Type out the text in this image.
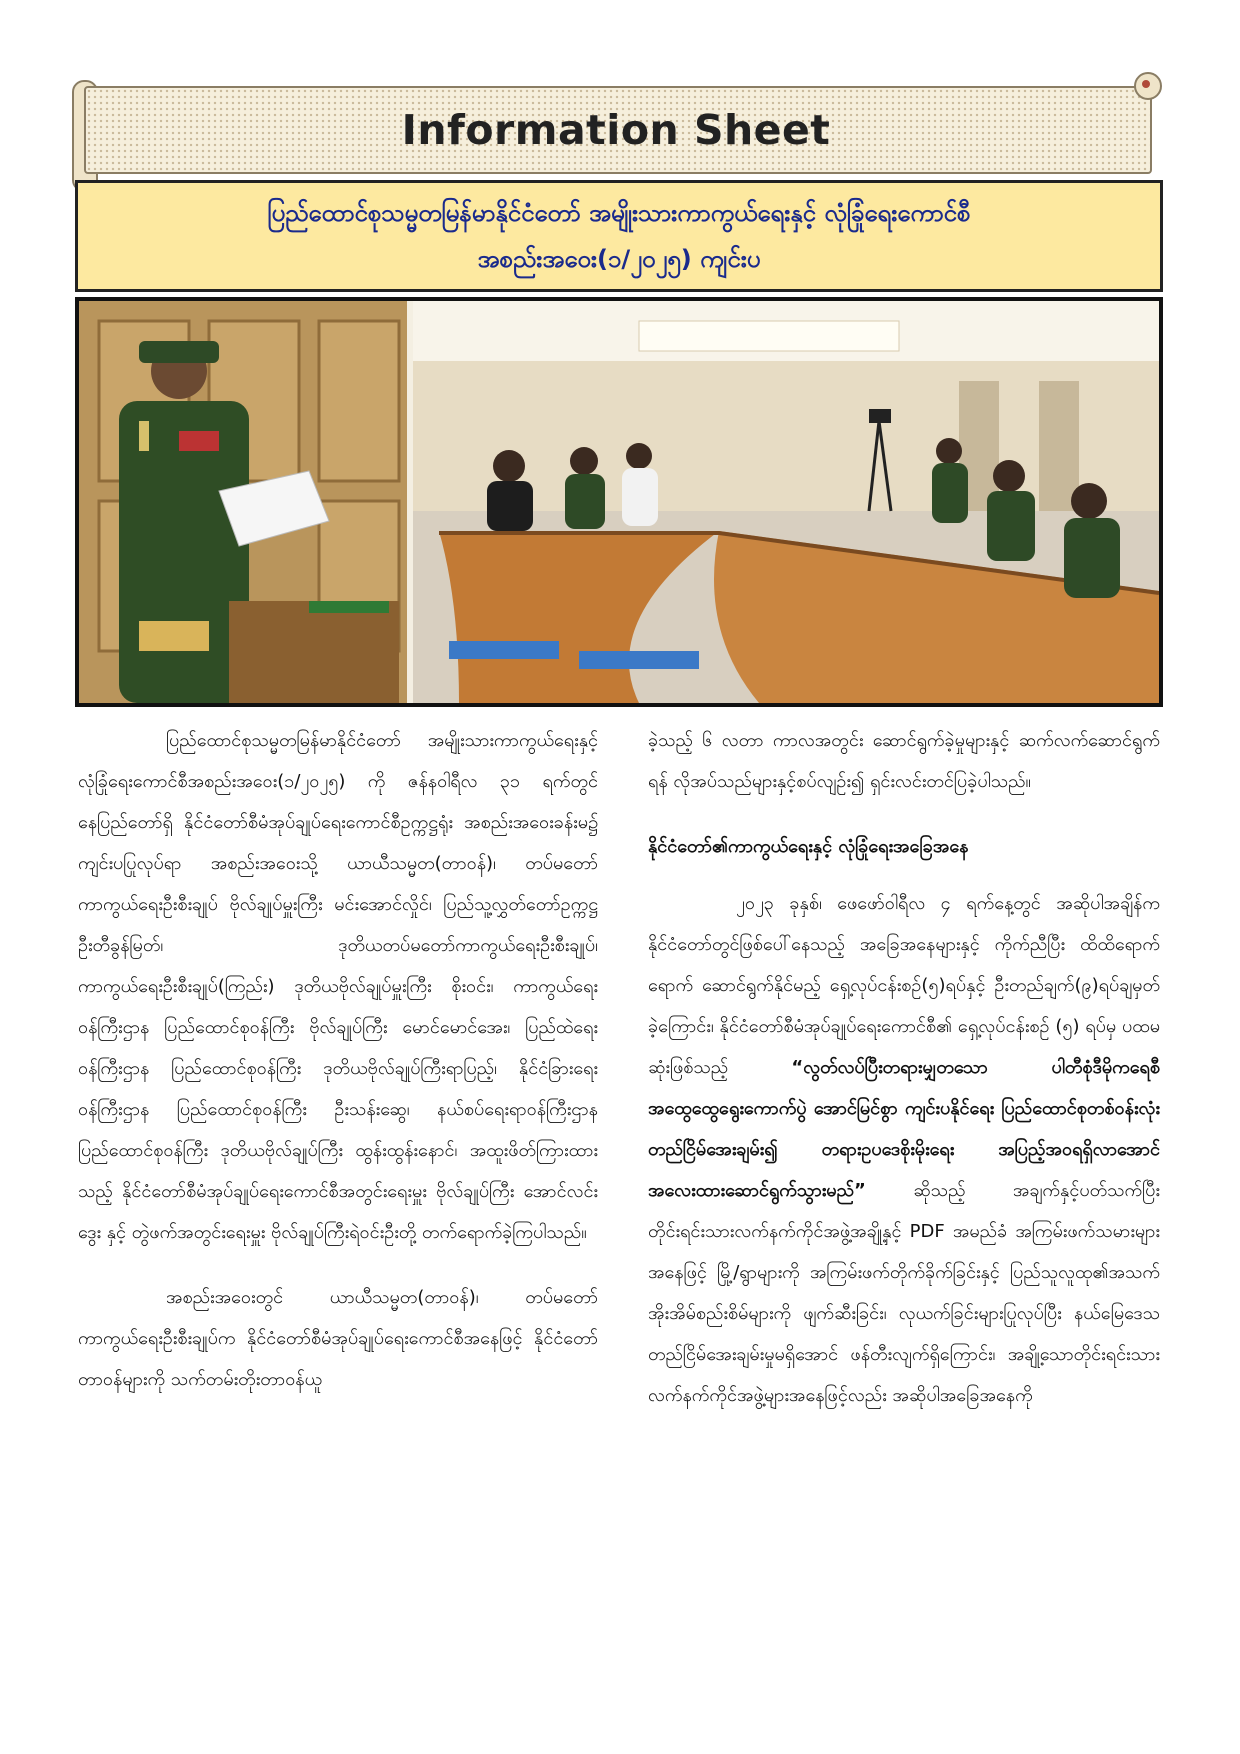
Information Sheet
ပြည်ထောင်စုသမ္မတမြန်မာနိုင်ငံတော် အမျိုးသားကာကွယ်ရေးနှင့် လုံခြုံရေးကောင်စီ
အစည်းအဝေး(၁/၂၀၂၅) ကျင်းပ

ပြည်ထောင်စုသမ္မတမြန်မာနိုင်ငံတော် အမျိုးသားကာကွယ်ရေးနှင့် လုံခြုံရေးကောင်စီအစည်းအဝေး(၁/၂၀၂၅) ကို ဇန်နဝါရီလ ၃၁ ရက်တွင် နေပြည်တော်ရှိ နိုင်ငံတော်စီမံအုပ်ချုပ်ရေးကောင်စီဥက္ကဋ္ဌရုံး အစည်းအဝေးခန်းမ၌ ကျင်းပပြုလုပ်ရာ အစည်းအဝေးသို့ ယာယီသမ္မတ(တာဝန်)၊ တပ်မတော်ကာကွယ်ရေးဦးစီးချုပ် ဗိုလ်ချုပ်မှူးကြီး မင်းအောင်လှိုင်၊ ပြည်သူ့လွှတ်တော်ဥက္ကဋ္ဌ ဦးတီခွန်မြတ်၊ ဒုတိယတပ်မတော်ကာကွယ်ရေးဦးစီးချုပ်၊ ကာကွယ်ရေးဦးစီးချုပ်(ကြည်း) ဒုတိယဗိုလ်ချုပ်မှူးကြီး စိုးဝင်း၊ ကာကွယ်ရေးဝန်ကြီးဌာန ပြည်ထောင်စုဝန်ကြီး ဗိုလ်ချုပ်ကြီး မောင်မောင်အေး၊ ပြည်ထဲရေးဝန်ကြီးဌာန ပြည်ထောင်စုဝန်ကြီး ဒုတိယဗိုလ်ချုပ်ကြီးရာပြည့်၊ နိုင်ငံခြားရေးဝန်ကြီးဌာန ပြည်ထောင်စုဝန်ကြီး ဦးသန်းဆွေ၊ နယ်စပ်ရေးရာဝန်ကြီးဌာန ပြည်ထောင်စုဝန်ကြီး ဒုတိယဗိုလ်ချုပ်ကြီး ထွန်းထွန်းနောင်၊ အထူးဖိတ်ကြားထားသည့် နိုင်ငံတော်စီမံအုပ်ချုပ်ရေးကောင်စီအတွင်းရေးမှူး ဗိုလ်ချုပ်ကြီး အောင်လင်းဒွေး နှင့် တွဲဖက်အတွင်းရေးမှူး ဗိုလ်ချုပ်ကြီးရဲဝင်းဦးတို့ တက်ရောက်ခဲ့ကြပါသည်။

အစည်းအဝေးတွင် ယာယီသမ္မတ(တာဝန်)၊ တပ်မတော်ကာကွယ်ရေးဦးစီးချုပ်က နိုင်ငံတော်စီမံအုပ်ချုပ်ရေးကောင်စီအနေဖြင့် နိုင်ငံတော်တာဝန်များကို သက်တမ်းတိုးတာဝန်ယူ

ခဲ့သည့် ၆ လတာ ကာလအတွင်း ဆောင်ရွက်ခဲ့မှုများနှင့် ဆက်လက်ဆောင်ရွက်ရန် လိုအပ်သည်များနှင့်စပ်လျဉ်း၍ ရှင်းလင်းတင်ပြခဲ့ပါသည်။

နိုင်ငံတော်၏ကာကွယ်ရေးနှင့် လုံခြုံရေးအခြေအနေ

၂၀၂၃ ခုနှစ်၊ ဖေဖော်ဝါရီလ ၄ ရက်နေ့တွင် အဆိုပါအချိန်က နိုင်ငံတော်တွင်ဖြစ်ပေါ်နေသည့် အခြေအနေများနှင့် ကိုက်ညီပြီး ထိထိရောက်ရောက် ဆောင်ရွက်နိုင်မည့် ရှေ့လုပ်ငန်းစဉ်(၅)ရပ်နှင့် ဦးတည်ချက်(၉)ရပ်ချမှတ်ခဲ့ကြောင်း၊ နိုင်ငံတော်စီမံအုပ်ချုပ်ရေးကောင်စီ၏ ရှေ့လုပ်ငန်းစဉ် (၅) ရပ်မှ ပထမဆုံးဖြစ်သည့် “လွတ်လပ်ပြီးတရားမျှတသော ပါတီစုံဒီမိုကရေစီ အထွေထွေရွေးကောက်ပွဲ အောင်မြင်စွာ ကျင်းပနိုင်ရေး ပြည်ထောင်စုတစ်ဝန်းလုံး တည်ငြိမ်အေးချမ်း၍ တရားဥပဒေစိုးမိုးရေး အပြည့်အဝရရှိလာအောင် အလေးထားဆောင်ရွက်သွားမည်” ဆိုသည့် အချက်နှင့်ပတ်သက်ပြီး တိုင်းရင်းသားလက်နက်ကိုင်အဖွဲ့အချို့နှင့် PDF အမည်ခံ အကြမ်းဖက်သမားများအနေဖြင့် မြို့/ရွာများကို အကြမ်းဖက်တိုက်ခိုက်ခြင်းနှင့် ပြည်သူလူထု၏အသက်အိုးအိမ်စည်းစိမ်များကို ဖျက်ဆီးခြင်း၊ လုယက်ခြင်းများပြုလုပ်ပြီး နယ်မြေဒေသတည်ငြိမ်အေးချမ်းမှုမရှိအောင် ဖန်တီးလျက်ရှိကြောင်း၊ အချို့သောတိုင်းရင်းသားလက်နက်ကိုင်အဖွဲ့များအနေဖြင့်လည်း အဆိုပါအခြေအနေကို
